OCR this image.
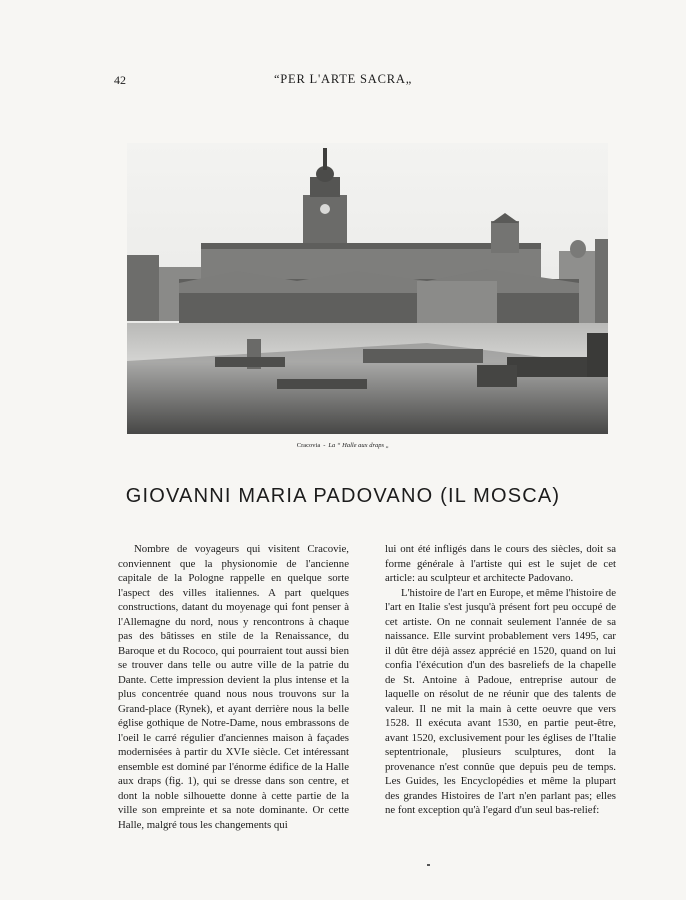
42	“PER L'ARTE SACRA„
Cracovia - La “ Halle aux draps „
GIOVANNI MARIA PADOVANO (IL MOSCA)

Nombre de voyageurs qui visitent Cracovie, conviennent que la physionomie de l'ancienne capitale de la Pologne rappelle en quelque sorte l'aspect des villes italiennes. A part quelques constructions, datant du moyenage qui font penser à l'Allemagne du nord, nous y rencontrons à chaque pas des bâtisses en stile de la Renaissance, du Baroque et du Rococo, qui pourraient tout aussi bien se trouver dans telle ou autre ville de la patrie du Dante. Cette impression devient la plus intense et la plus concentrée quand nous nous trouvons sur la Grand-place (Rynek), et ayant derrière nous la belle église gothique de Notre-Dame, nous embrassons de l'oeil le carré régulier d'anciennes maison à façades modernisées à partir du XVIe siècle. Cet intéressant ensemble est dominé par l'énorme édifice de la Halle aux draps (fig. 1), qui se dresse dans son centre, et dont la noble silhouette donne à cette partie de la ville son empreinte et sa note dominante. Or cette Halle, malgré tous les changements qui

lui ont été infligés dans le cours des siècles, doit sa forme générale à l'artiste qui est le sujet de cet article: au sculpteur et architecte Padovano.

L'histoire de l'art en Europe, et même l'histoire de l'art en Italie s'est jusqu'à présent fort peu occupé de cet artiste. On ne connait seulement l'année de sa naissance. Elle survint probablement vers 1495, car il dût être déjà assez apprécié en 1520, quand on lui confia l'éxécution d'un des basreliefs de la chapelle de St. Antoine à Padoue, entreprise autour de laquelle on résolut de ne réunir que des talents de valeur. Il ne mit la main à cette oeuvre que vers 1528. Il exécuta avant 1530, en partie peut-être, avant 1520, exclusivement pour les églises de l'Italie septentrionale, plusieurs sculptures, dont la provenance n'est connûe que depuis peu de temps. Les Guides, les Encyclopédies et même la plupart des grandes Histoires de l'art n'en parlant pas; elles ne font exception qu'à l'egard d'un seul bas-relief:
